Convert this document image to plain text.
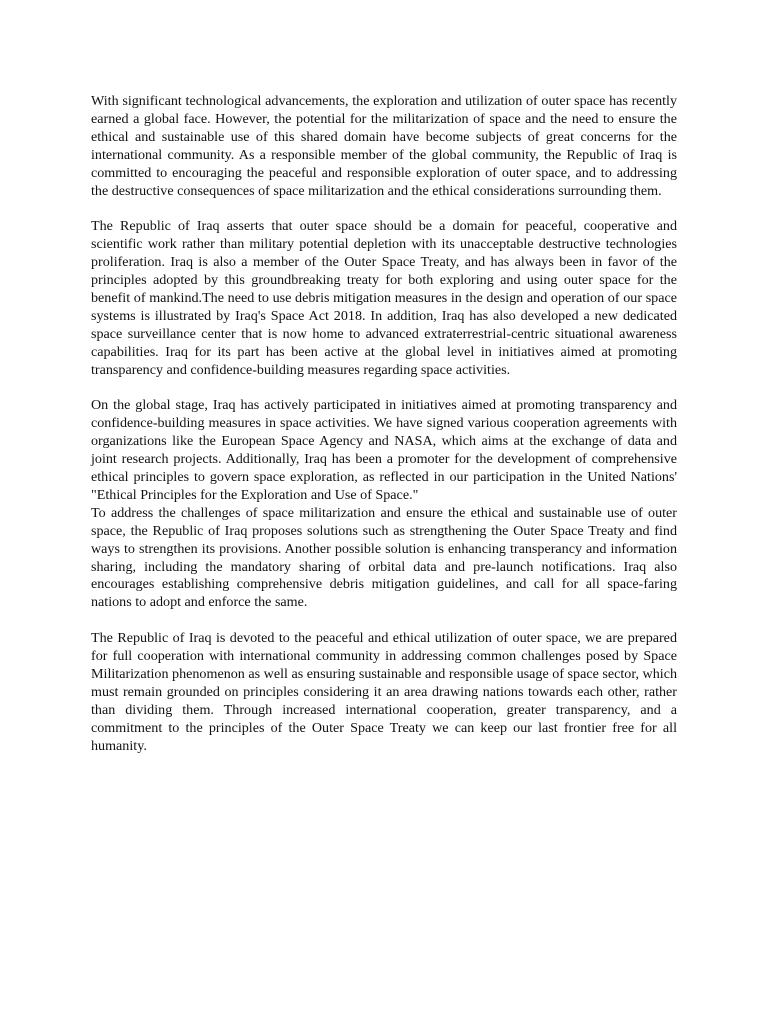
With significant technological advancements, the exploration and utilization of outer space has recently earned a global face. However, the potential for the militarization of space and the need to ensure the ethical and sustainable use of this shared domain have become subjects of great concerns for the international community. As a responsible member of the global community, the Republic of Iraq is committed to encouraging the peaceful and responsible exploration of outer space, and to addressing the destructive consequences of space militarization and the ethical considerations surrounding them.

The Republic of Iraq asserts that outer space should be a domain for peaceful, cooperative and scientific work rather than military potential depletion with its unacceptable destructive technologies proliferation. Iraq is also a member of the Outer Space Treaty, and has always been in favor of the principles adopted by this groundbreaking treaty for both exploring and using outer space for the benefit of mankind.The need to use debris mitigation measures in the design and operation of our space systems is illustrated by Iraq's Space Act 2018. In addition, Iraq has also developed a new dedicated space surveillance center that is now home to advanced extraterrestrial-centric situational awareness capabilities. Iraq for its part has been active at the global level in initiatives aimed at promoting transparency and confidence-building measures regarding space activities.

On the global stage, Iraq has actively participated in initiatives aimed at promoting transparency and confidence-building measures in space activities. We have signed various cooperation agreements with organizations like the European Space Agency and NASA, which aims at the exchange of data and joint research projects. Additionally, Iraq has been a promoter for the development of comprehensive ethical principles to govern space exploration, as reflected in our participation in the United Nations' "Ethical Principles for the Exploration and Use of Space."

To address the challenges of space militarization and ensure the ethical and sustainable use of outer space, the Republic of Iraq proposes solutions such as strengthening the Outer Space Treaty and find ways to strengthen its provisions. Another possible solution is enhancing transperancy and information sharing, including the mandatory sharing of orbital data and pre-launch notifications. Iraq also encourages establishing comprehensive debris mitigation guidelines, and call for all space-faring nations to adopt and enforce the same.

The Republic of Iraq is devoted to the peaceful and ethical utilization of outer space, we are prepared for full cooperation with international community in addressing common challenges posed by Space Militarization phenomenon as well as ensuring sustainable and responsible usage of space sector, which must remain grounded on principles considering it an area drawing nations towards each other, rather than dividing them. Through increased international cooperation, greater transparency, and a commitment to the principles of the Outer Space Treaty we can keep our last frontier free for all humanity.
